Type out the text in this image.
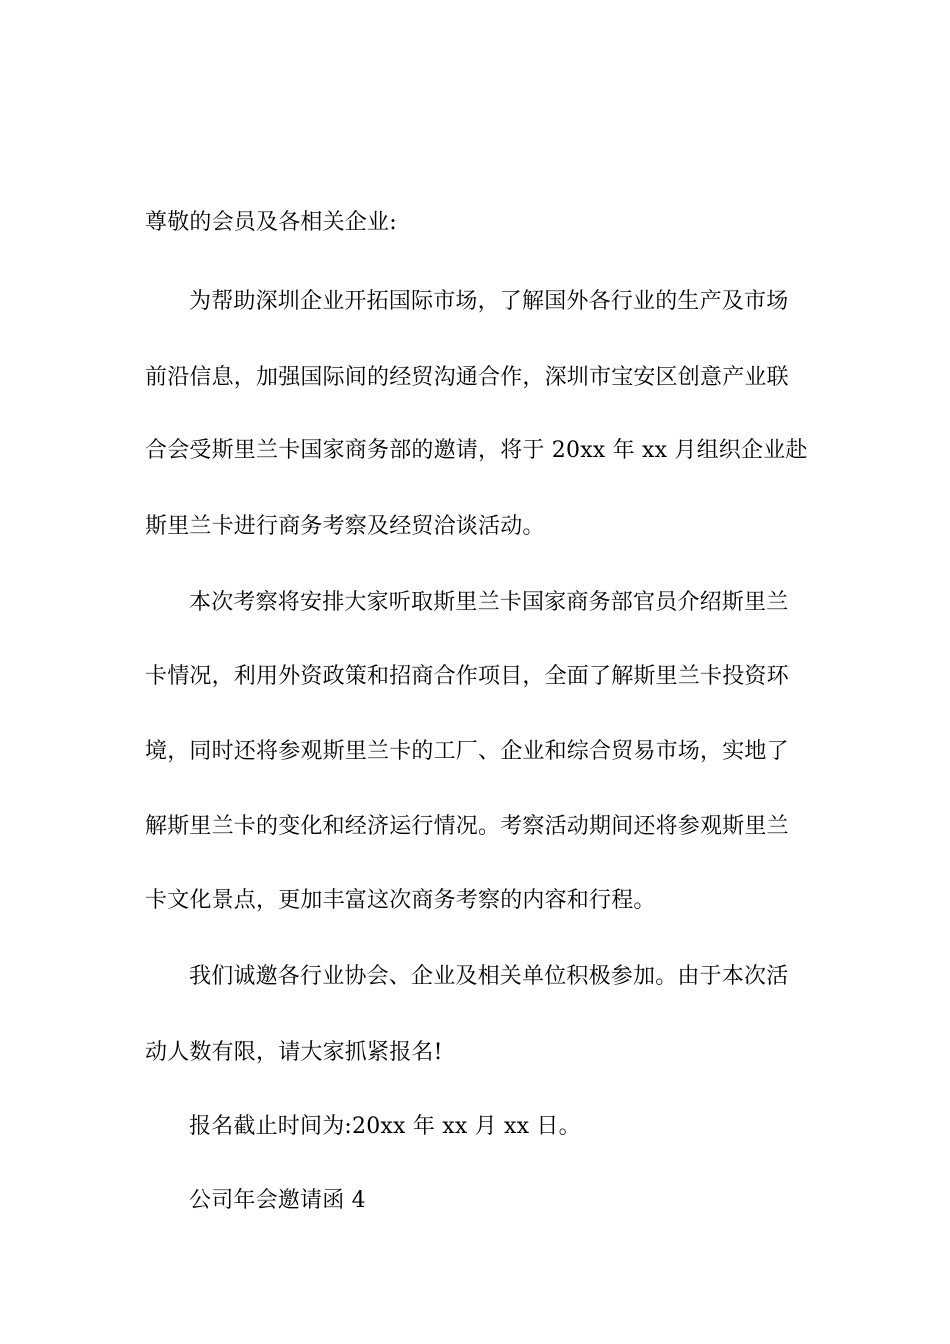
尊敬的会员及各相关企业:
为帮助深圳企业开拓国际市场，了解国外各行业的生产及市场
前沿信息，加强国际间的经贸沟通合作，深圳市宝安区创意产业联
合会受斯里兰卡国家商务部的邀请，将于 20xx 年 xx 月组织企业赴
斯里兰卡进行商务考察及经贸洽谈活动。
本次考察将安排大家听取斯里兰卡国家商务部官员介绍斯里兰
卡情况，利用外资政策和招商合作项目，全面了解斯里兰卡投资环
境，同时还将参观斯里兰卡的工厂、企业和综合贸易市场，实地了
解斯里兰卡的变化和经济运行情况。考察活动期间还将参观斯里兰
卡文化景点，更加丰富这次商务考察的内容和行程。
我们诚邀各行业协会、企业及相关单位积极参加。由于本次活
动人数有限，请大家抓紧报名!
报名截止时间为:20xx 年 xx 月 xx 日。
公司年会邀请函 4
